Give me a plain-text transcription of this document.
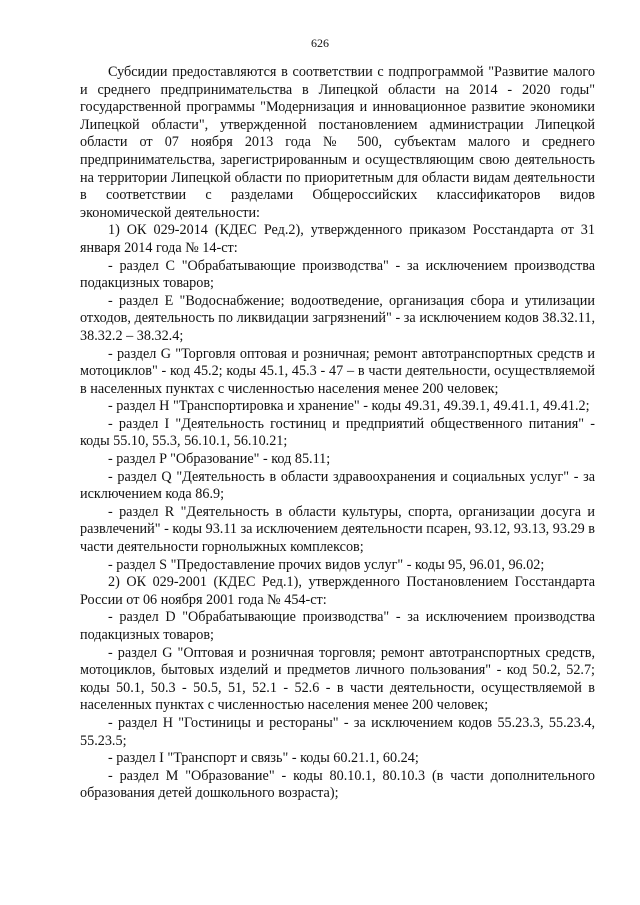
626

Субсидии предоставляются в соответствии с подпрограммой "Развитие малого и среднего предпринимательства в Липецкой области на 2014 - 2020 годы" государственной программы "Модернизация и инновационное развитие экономики Липецкой области", утвержденной постановлением администрации Липецкой области от 07 ноября 2013 года № 500, субъектам малого и среднего предпринимательства, зарегистрированным и осуществляющим свою деятельность на территории Липецкой области по приоритетным для области видам деятельности в соответствии с разделами Общероссийских классификаторов видов экономической деятельности:

1) ОК 029-2014 (КДЕС Ред.2), утвержденного приказом Росстандарта от 31 января 2014 года № 14-ст:

- раздел C "Обрабатывающие производства" - за исключением производства подакцизных товаров;

- раздел E "Водоснабжение; водоотведение, организация сбора и утилизации отходов, деятельность по ликвидации загрязнений" - за исключением кодов 38.32.11, 38.32.2 – 38.32.4;

- раздел G "Торговля оптовая и розничная; ремонт автотранспортных средств и мотоциклов" - код 45.2; коды 45.1, 45.3 - 47 – в части деятельности, осуществляемой в населенных пунктах с численностью населения менее 200 человек;

- раздел H "Транспортировка и хранение" - коды 49.31, 49.39.1, 49.41.1, 49.41.2;

- раздел I "Деятельность гостиниц и предприятий общественного питания" - коды 55.10, 55.3, 56.10.1, 56.10.21;

- раздел P "Образование" - код 85.11;

- раздел Q "Деятельность в области здравоохранения и социальных услуг" - за исключением кода 86.9;

- раздел R "Деятельность в области культуры, спорта, организации досуга и развлечений" - коды 93.11 за исключением деятельности псарен, 93.12, 93.13, 93.29 в части деятельности горнолыжных комплексов;

- раздел S "Предоставление прочих видов услуг" - коды 95, 96.01, 96.02;

2) ОК 029-2001 (КДЕС Ред.1), утвержденного Постановлением Госстандарта России от 06 ноября 2001 года № 454-ст:

- раздел D "Обрабатывающие производства" - за исключением производства подакцизных товаров;

- раздел G "Оптовая и розничная торговля; ремонт автотранспортных средств, мотоциклов, бытовых изделий и предметов личного пользования" - код 50.2, 52.7; коды 50.1, 50.3 - 50.5, 51, 52.1 - 52.6 - в части деятельности, осуществляемой в населенных пунктах с численностью населения менее 200 человек;

- раздел H "Гостиницы и рестораны" - за исключением кодов 55.23.3, 55.23.4, 55.23.5;

- раздел I "Транспорт и связь" - коды 60.21.1, 60.24;

- раздел M "Образование" - коды 80.10.1, 80.10.3 (в части дополнительного образования детей дошкольного возраста);
